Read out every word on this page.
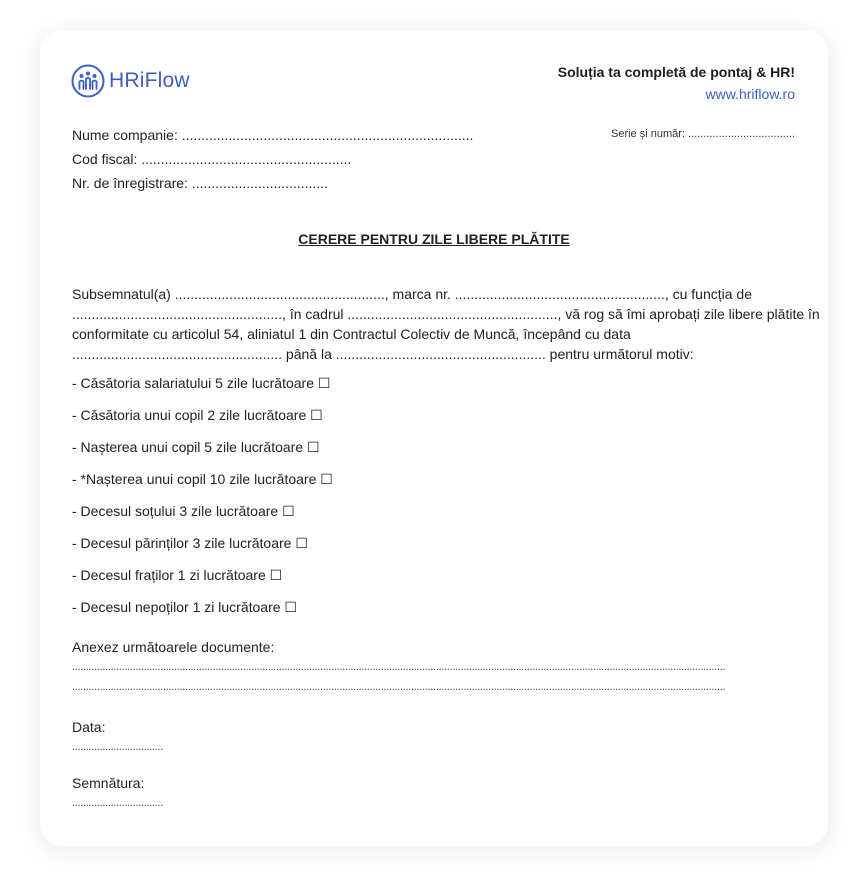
HRiFlow	Soluția ta completă de pontaj & HR!
www.hriflow.ro
Nume companie: ...........................................................................
Cod fiscal: ......................................................
Nr. de înregistrare: ...................................
Serie și număr: ...................................
CERERE PENTRU ZILE LIBERE PLĂTITE

Subsemnatul(a) ......................................................, marca nr. ......................................................, cu funcția de

......................................................, în cadrul ......................................................, vă rog să îmi aprobați zile libere plătite în

conformitate cu articolul 54, aliniatul 1 din Contractul Colectiv de Muncă, începând cu data

...................................................... până la ...................................................... pentru următorul motiv:

- Căsătoria salariatului 5 zile lucrătoare ☐
- Căsătoria unui copil 2 zile lucrătoare ☐
- Nașterea unui copil 5 zile lucrătoare ☐
- *Nașterea unui copil 10 zile lucrătoare ☐
- Decesul soțului 3 zile lucrătoare ☐
- Decesul părinților 3 zile lucrătoare ☐
- Decesul fraților 1 zi lucrătoare ☐
- Decesul nepoților 1 zi lucrătoare ☐
Anexez următoarele documente:
.............................................................................................................................................................................................................................................
.............................................................................................................................................................................................................................................
Data:
.................................
Semnătura:
.................................
